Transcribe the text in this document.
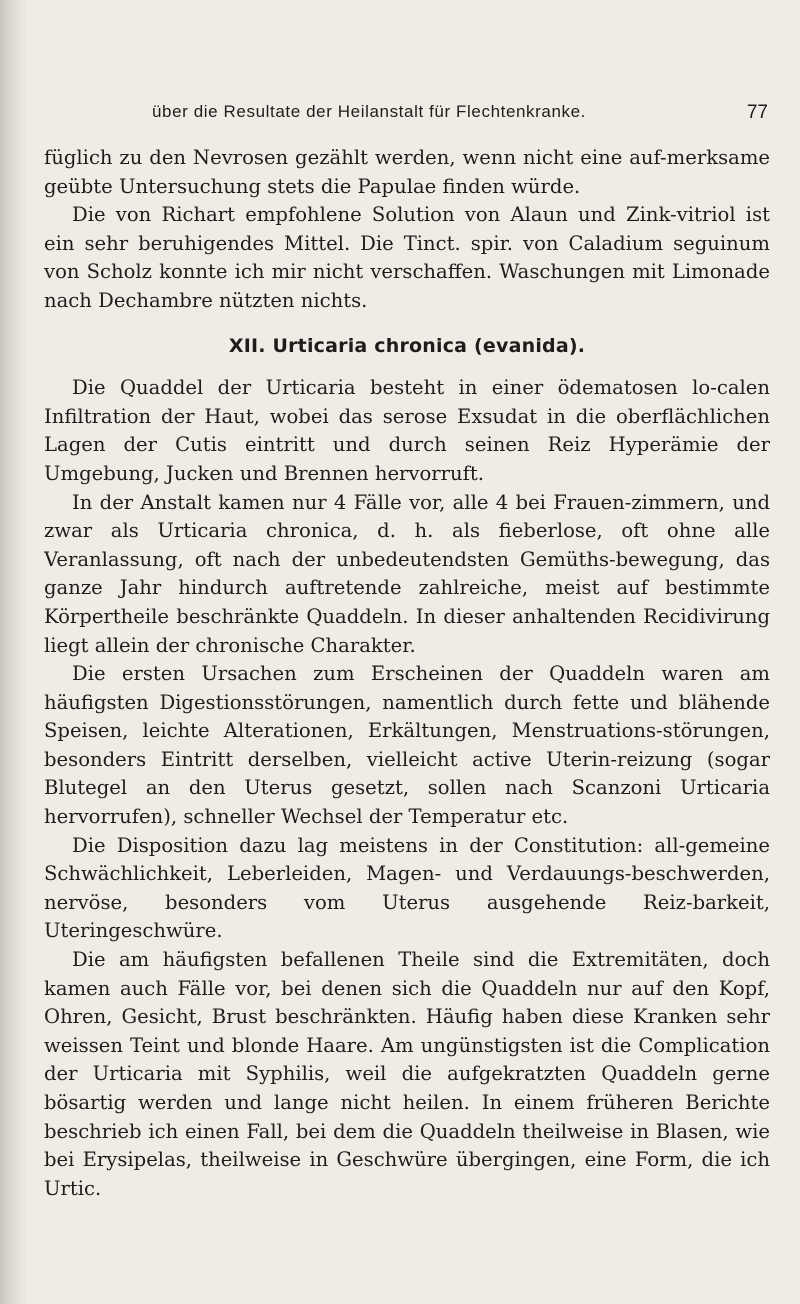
über die Resultate der Heilanstalt für Flechtenkranke.	77

füglich zu den Nevrosen gezählt werden, wenn nicht eine auf-merksame geübte Untersuchung stets die Papulae finden würde.

Die von Richart empfohlene Solution von Alaun und Zink-vitriol ist ein sehr beruhigendes Mittel. Die Tinct. spir. von Caladium seguinum von Scholz konnte ich mir nicht verschaffen. Waschungen mit Limonade nach Dechambre nützten nichts.

XII. Urticaria chronica (evanida).

Die Quaddel der Urticaria besteht in einer ödematosen lo-calen Infiltration der Haut, wobei das serose Exsudat in die oberflächlichen Lagen der Cutis eintritt und durch seinen Reiz Hyperämie der Umgebung, Jucken und Brennen hervorruft.

In der Anstalt kamen nur 4 Fälle vor, alle 4 bei Frauen-zimmern, und zwar als Urticaria chronica, d. h. als fieberlose, oft ohne alle Veranlassung, oft nach der unbedeutendsten Gemüths-bewegung, das ganze Jahr hindurch auftretende zahlreiche, meist auf bestimmte Körpertheile beschränkte Quaddeln. In dieser anhaltenden Recidivirung liegt allein der chronische Charakter.

Die ersten Ursachen zum Erscheinen der Quaddeln waren am häufigsten Digestionsstörungen, namentlich durch fette und blähende Speisen, leichte Alterationen, Erkältungen, Menstruations-störungen, besonders Eintritt derselben, vielleicht active Uterin-reizung (sogar Blutegel an den Uterus gesetzt, sollen nach Scanzoni Urticaria hervorrufen), schneller Wechsel der Temperatur etc.

Die Disposition dazu lag meistens in der Constitution: all-gemeine Schwächlichkeit, Leberleiden, Magen- und Verdauungs-beschwerden, nervöse, besonders vom Uterus ausgehende Reiz-barkeit, Uteringeschwüre.

Die am häufigsten befallenen Theile sind die Extremitäten, doch kamen auch Fälle vor, bei denen sich die Quaddeln nur auf den Kopf, Ohren, Gesicht, Brust beschränkten. Häufig haben diese Kranken sehr weissen Teint und blonde Haare. Am ungünstigsten ist die Complication der Urticaria mit Syphilis, weil die aufgekratzten Quaddeln gerne bösartig werden und lange nicht heilen. In einem früheren Berichte beschrieb ich einen Fall, bei dem die Quaddeln theilweise in Blasen, wie bei Erysipelas, theilweise in Geschwüre übergingen, eine Form, die ich Urtic.
